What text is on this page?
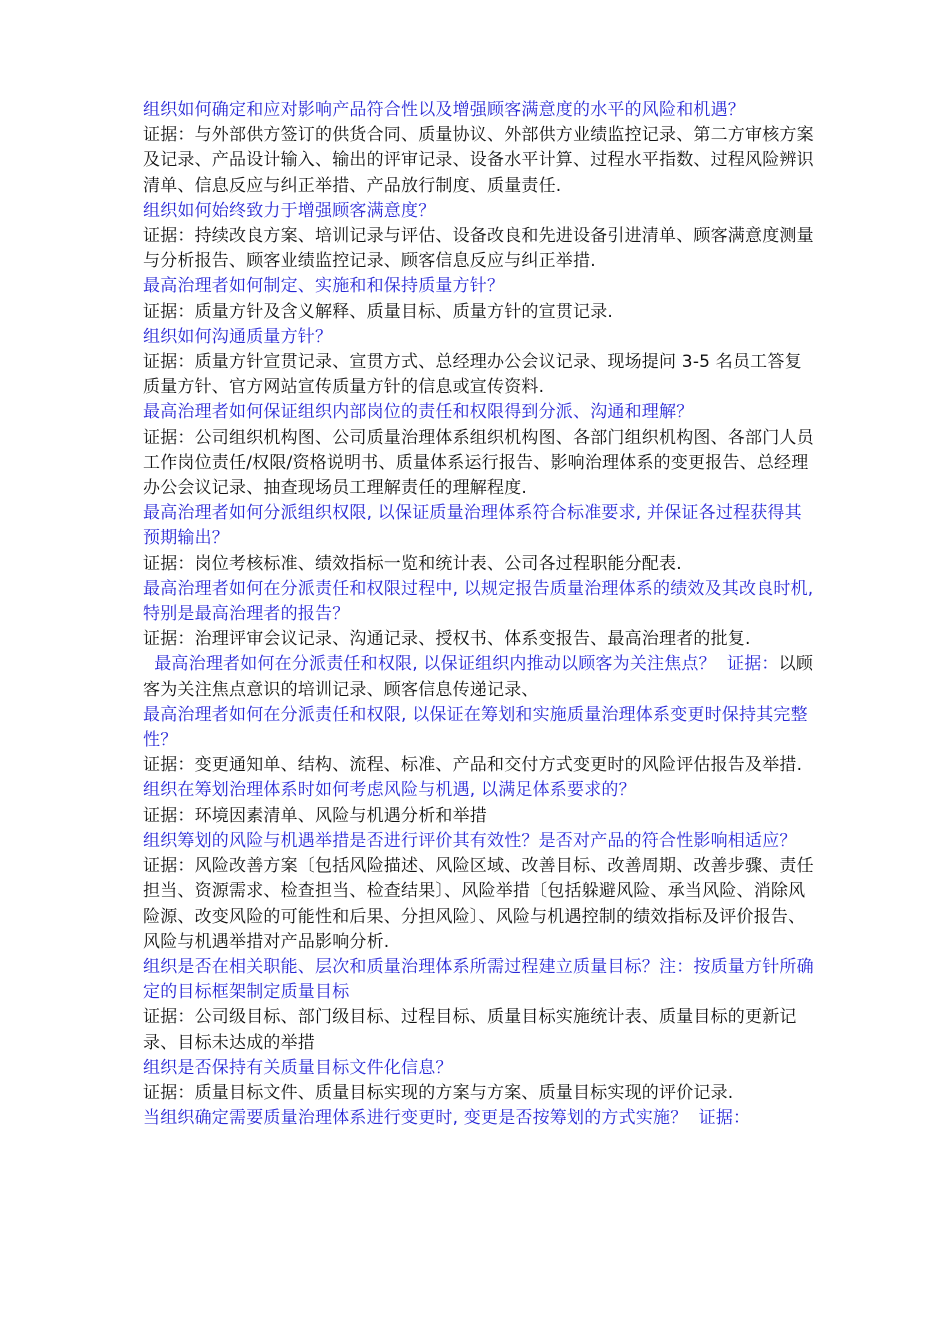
组织如何确定和应对影响产品符合性以及增强顾客满意度的水平的风险和机遇？

证据：与外部供方签订的供货合同、质量协议、外部供方业绩监控记录、第二方审核方案及记录、产品设计输入、输出的评审记录、设备水平计算、过程水平指数、过程风险辨识清单、信息反应与纠正举措、产品放行制度、质量责任.

组织如何始终致力于增强顾客满意度？

证据：持续改良方案、培训记录与评估、设备改良和先进设备引进清单、顾客满意度测量与分析报告、顾客业绩监控记录、顾客信息反应与纠正举措.

最高治理者如何制定、实施和和保持质量方针？

证据：质量方针及含义解释、质量目标、质量方针的宣贯记录.

组织如何沟通质量方针？

证据：质量方针宣贯记录、宣贯方式、总经理办公会议记录、现场提问 3-5 名员工答复质量方针、官方网站宣传质量方针的信息或宣传资料.

最高治理者如何保证组织内部岗位的责任和权限得到分派、沟通和理解？

证据：公司组织机构图、公司质量治理体系组织机构图、各部门组织机构图、各部门人员工作岗位责任/权限/资格说明书、质量体系运行报告、影响治理体系的变更报告、总经理办公会议记录、抽查现场员工理解责任的理解程度.

最高治理者如何分派组织权限, 以保证质量治理体系符合标准要求, 并保证各过程获得其预期输出？

证据：岗位考核标准、绩效指标一览和统计表、公司各过程职能分配表.

最高治理者如何在分派责任和权限过程中, 以规定报告质量治理体系的绩效及其改良时机, 特别是最高治理者的报告？

证据：治理评审会议记录、沟通记录、授权书、体系变报告、最高治理者的批复.

最高治理者如何在分派责任和权限, 以保证组织内推动以顾客为关注焦点？  证据：以顾客为关注焦点意识的培训记录、顾客信息传递记录、

最高治理者如何在分派责任和权限, 以保证在筹划和实施质量治理体系变更时保持其完整性？

证据：变更通知单、结构、流程、标准、产品和交付方式变更时的风险评估报告及举措.

组织在筹划治理体系时如何考虑风险与机遇, 以满足体系要求的？

证据：环境因素清单、风险与机遇分析和举措

组织筹划的风险与机遇举措是否进行评价其有效性？是否对产品的符合性影响相适应？

证据：风险改善方案〔包括风险描述、风险区域、改善目标、改善周期、改善步骤、责任担当、资源需求、检查担当、检查结果〕、风险举措〔包括躲避风险、承当风险、消除风险源、改变风险的可能性和后果、分担风险〕、风险与机遇控制的绩效指标及评价报告、风险与机遇举措对产品影响分析.

组织是否在相关职能、层次和质量治理体系所需过程建立质量目标？注：按质量方针所确定的目标框架制定质量目标

证据：公司级目标、部门级目标、过程目标、质量目标实施统计表、质量目标的更新记录、目标未达成的举措

组织是否保持有关质量目标文件化信息？

证据：质量目标文件、质量目标实现的方案与方案、质量目标实现的评价记录.

当组织确定需要质量治理体系进行变更时, 变更是否按筹划的方式实施？  证据：
